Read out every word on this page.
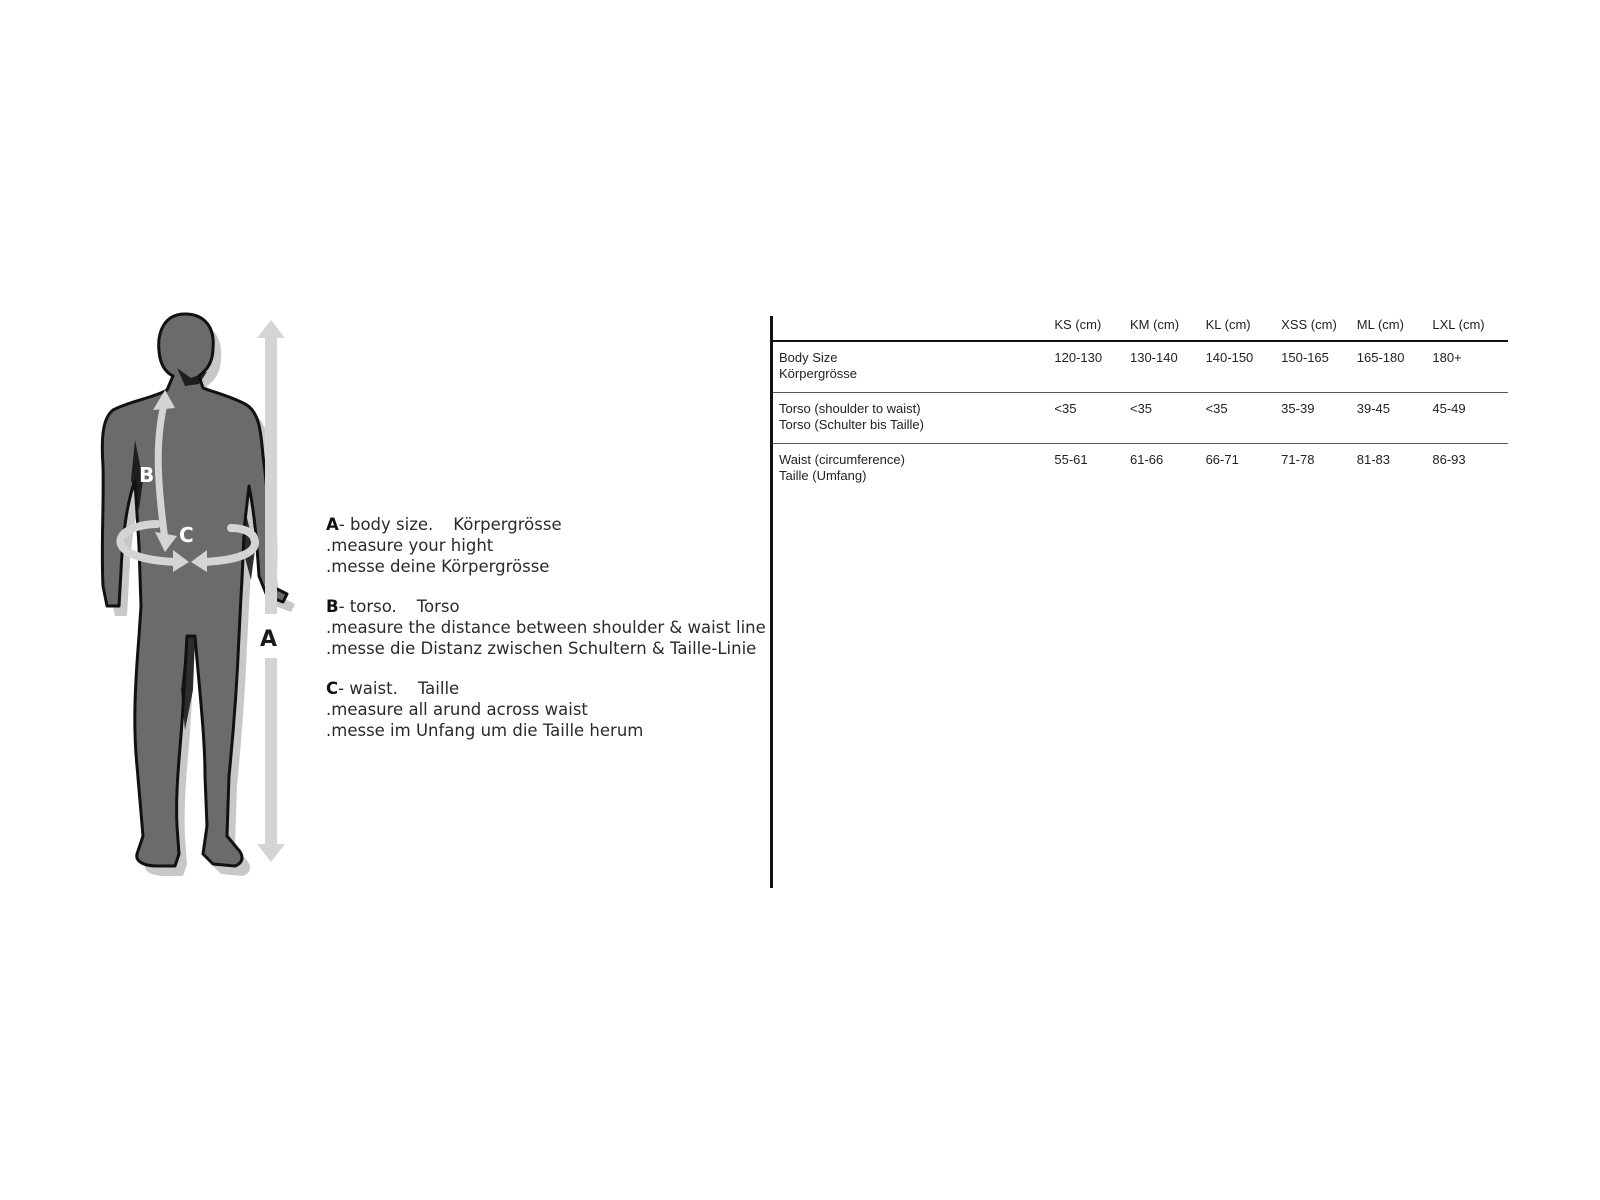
B
C
A
A- body size. Körpergrösse
.measure your hight
.messe deine Körpergrösse
B- torso. Torso
.measure the distance between shoulder & waist line
.messe die Distanz zwischen Schultern & Taille-Linie
C- waist. Taille
.measure all arund across waist
.messe im Unfang um die Taille herum
	KS (cm)	KM (cm)	KL (cm)	XSS (cm)	ML (cm)	LXL (cm)

Body Size
Körpergrösse	120-130	130-140	140-150	150-165	165-180	180+

Torso (shoulder to waist)
Torso (Schulter bis Taille)	<35	<35	<35	35-39	39-45	45-49

Waist (circumference)
Taille (Umfang)	55-61	61-66	66-71	71-78	81-83	86-93
